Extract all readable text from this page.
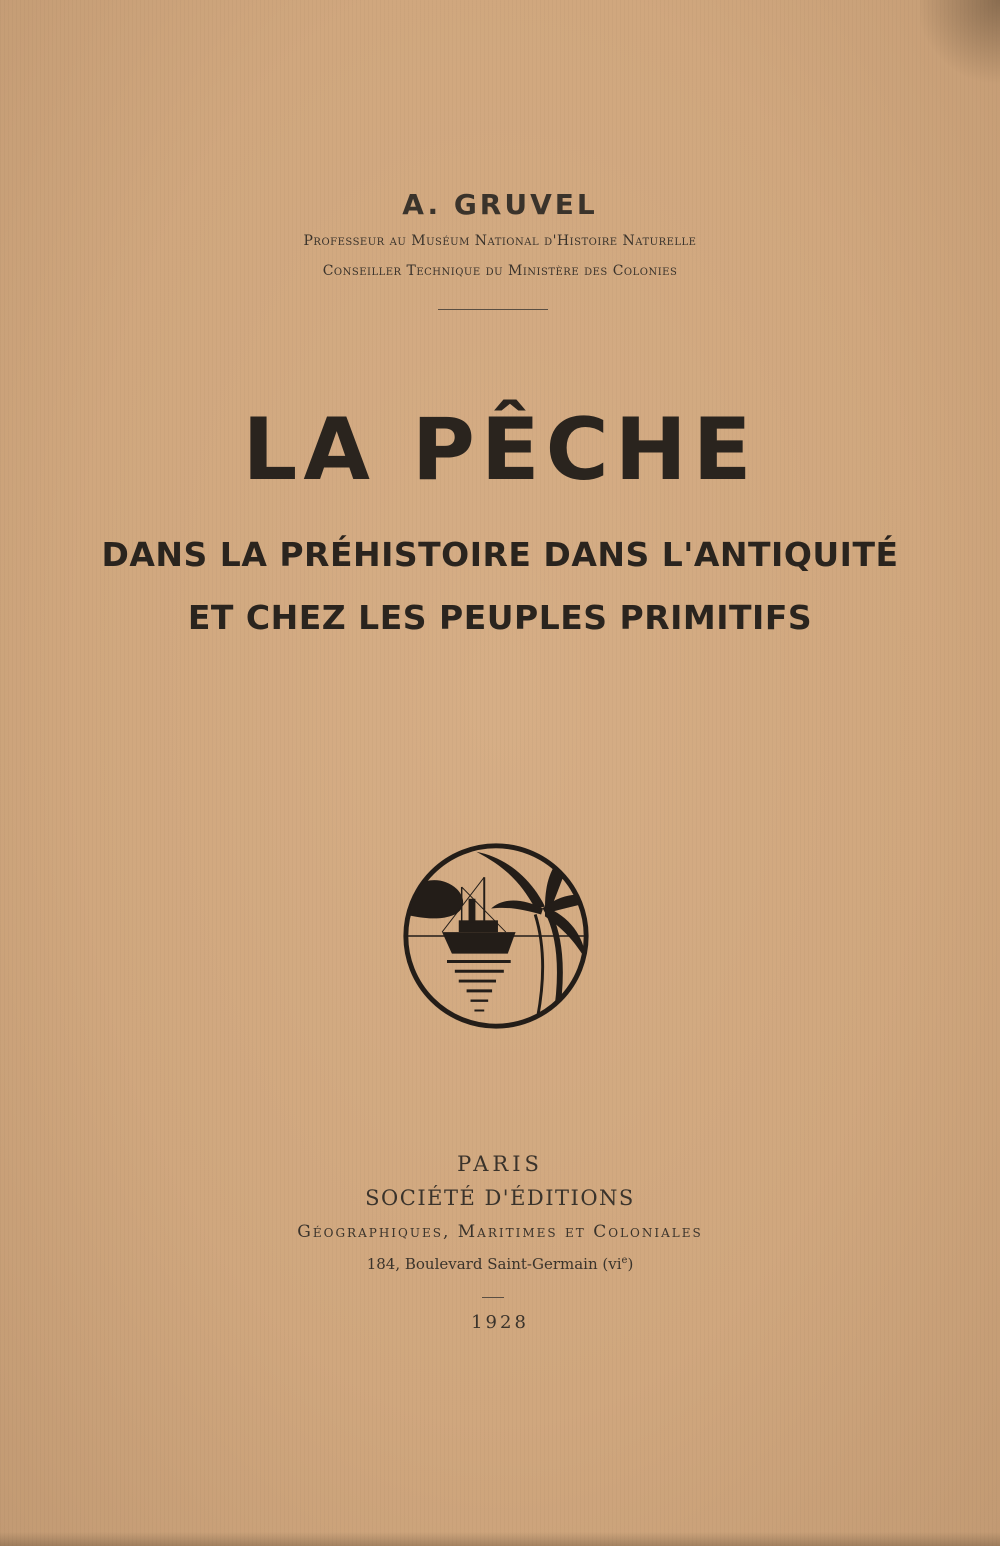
A. GRUVEL
Professeur au Muséum National d'Histoire Naturelle
Conseiller Technique du Ministère des Colonies
LA PÊCHE
DANS LA PRÉHISTOIRE DANS L'ANTIQUITÉ
ET CHEZ LES PEUPLES PRIMITIFS
PARIS
SOCIÉTÉ D'ÉDITIONS
Géographiques, Maritimes et Coloniales
184, Boulevard Saint-Germain $(vi^e)$
1928
